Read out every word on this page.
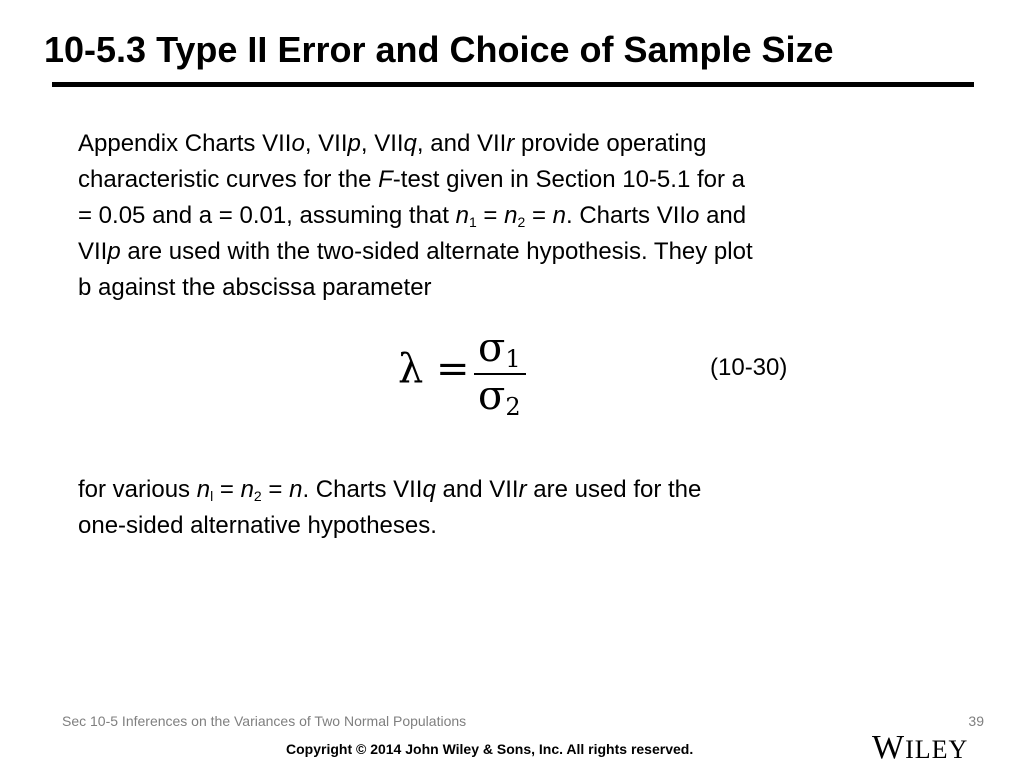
10-5.3 Type II Error and Choice of Sample Size
Appendix Charts VIIo, VIIp, VIIq, and VIIr provide operating
characteristic curves for the F-test given in Section 10-5.1 for a
= 0.05 and a = 0.01, assuming that $n_1 = n_2 = n$. Charts VIIo and
VIIp are used with the two-sided alternate hypothesis. They plot
b against the abscissa parameter
λ = σ1
σ2
(10-30)
for various $n_l = n_2 = n$. Charts VIIq and VIIr are used for the
one-sided alternative hypotheses.
Sec 10-5 Inferences on the Variances of Two Normal Populations	39
Copyright © 2014 John Wiley & Sons, Inc. All rights reserved.	WILEY
